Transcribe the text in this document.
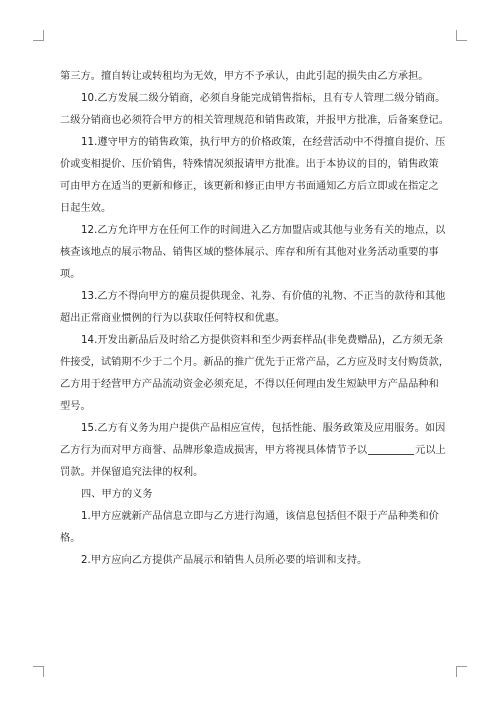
第三方。擅自转让或转租均为无效，甲方不予承认，由此引起的损失由乙方承担。
10.乙方发展二级分销商，必须自身能完成销售指标，且有专人管理二级分销商。
二级分销商也必须符合甲方的相关管理规范和销售政策，并报甲方批准，后备案登记。
11.遵守甲方的销售政策，执行甲方的价格政策，在经营活动中不得擅自提价、压
价或变相提价、压价销售，特殊情况须报请甲方批准。出于本协议的目的，销售政策
可由甲方在适当的更新和修正，该更新和修正由甲方书面通知乙方后立即或在指定之
日起生效。
12.乙方允许甲方在任何工作的时间进入乙方加盟店或其他与业务有关的地点，以
核查该地点的展示物品、销售区域的整体展示、库存和所有其他对业务活动重要的事
项。
13.乙方不得向甲方的雇员提供现金、礼券、有价值的礼物、不正当的款待和其他
超出正常商业惯例的行为以获取任何特权和优惠。
14.开发出新品后及时给乙方提供资料和至少两套样品(非免费赠品)，乙方须无条
件接受，试销期不少于二个月。新品的推广优先于正常产品，乙方应及时支付购货款，
乙方用于经营甲方产品流动资金必须充足，不得以任何理由发生短缺甲方产品品种和
型号。
15.乙方有义务为用户提供产品相应宣传，包括性能、服务政策及应用服务。如因
乙方行为而对甲方商誉、品牌形象造成损害，甲方将视具体情节予以	元以上
罚款。并保留追究法律的权利。
四、甲方的义务
1.甲方应就新产品信息立即与乙方进行沟通，该信息包括但不限于产品种类和价
格。
2.甲方应向乙方提供产品展示和销售人员所必要的培训和支持。
